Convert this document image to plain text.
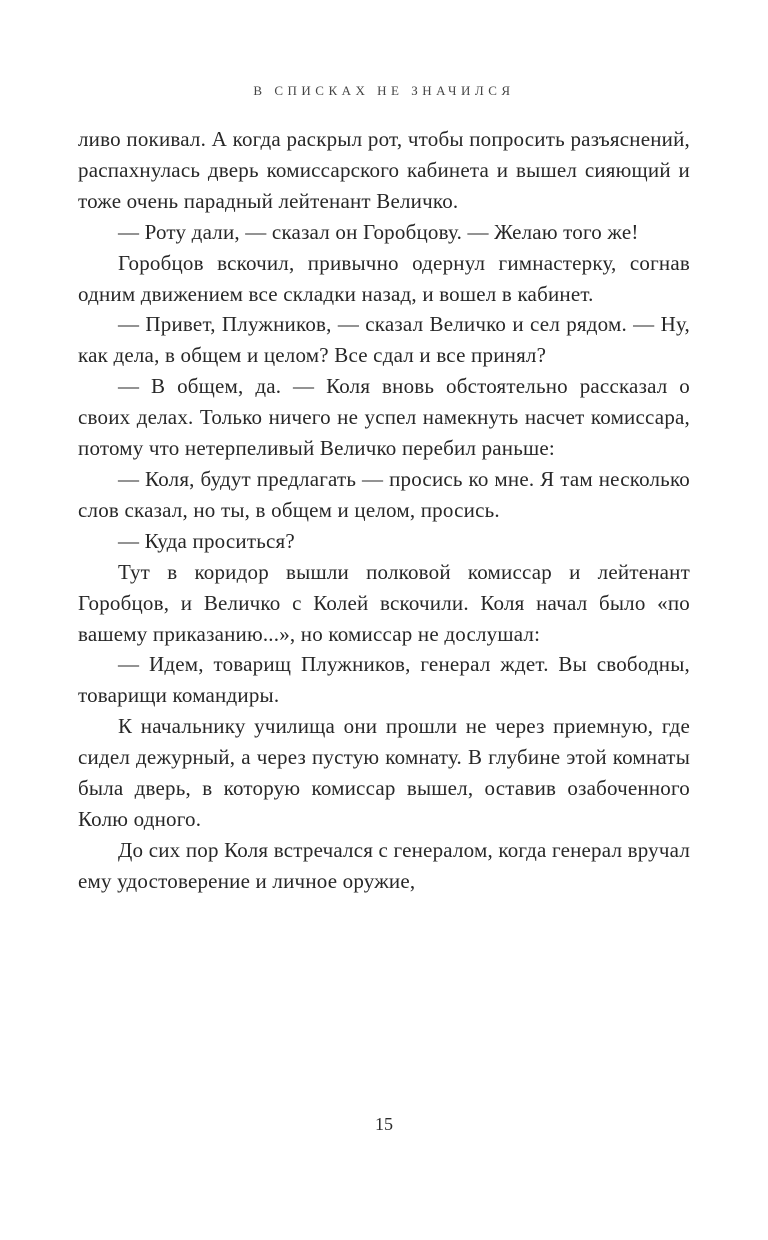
В СПИСКАХ НЕ ЗНАЧИЛСЯ

ливо покивал. А когда раскрыл рот, чтобы попросить разъяснений, распахнулась дверь комиссарского кабинета и вышел сияющий и тоже очень парадный лейтенант Величко.

— Роту дали, — сказал он Горобцову. — Желаю того же!

Горобцов вскочил, привычно одернул гимнастерку, согнав одним движением все складки назад, и вошел в кабинет.

— Привет, Плужников, — сказал Величко и сел рядом. — Ну, как дела, в общем и целом? Все сдал и все принял?

— В общем, да. — Коля вновь обстоятельно рассказал о своих делах. Только ничего не успел намекнуть насчет комиссара, потому что нетерпеливый Величко перебил раньше:

— Коля, будут предлагать — просись ко мне. Я там несколько слов сказал, но ты, в общем и целом, просись.

— Куда проситься?

Тут в коридор вышли полковой комиссар и лейтенант Горобцов, и Величко с Колей вскочили. Коля начал было «по вашему приказанию...», но комиссар не дослушал:

— Идем, товарищ Плужников, генерал ждет. Вы свободны, товарищи командиры.

К начальнику училища они прошли не через приемную, где сидел дежурный, а через пустую комнату. В глубине этой комнаты была дверь, в которую комиссар вышел, оставив озабоченного Колю одного.

До сих пор Коля встречался с генералом, когда генерал вручал ему удостоверение и личное оружие,

15
